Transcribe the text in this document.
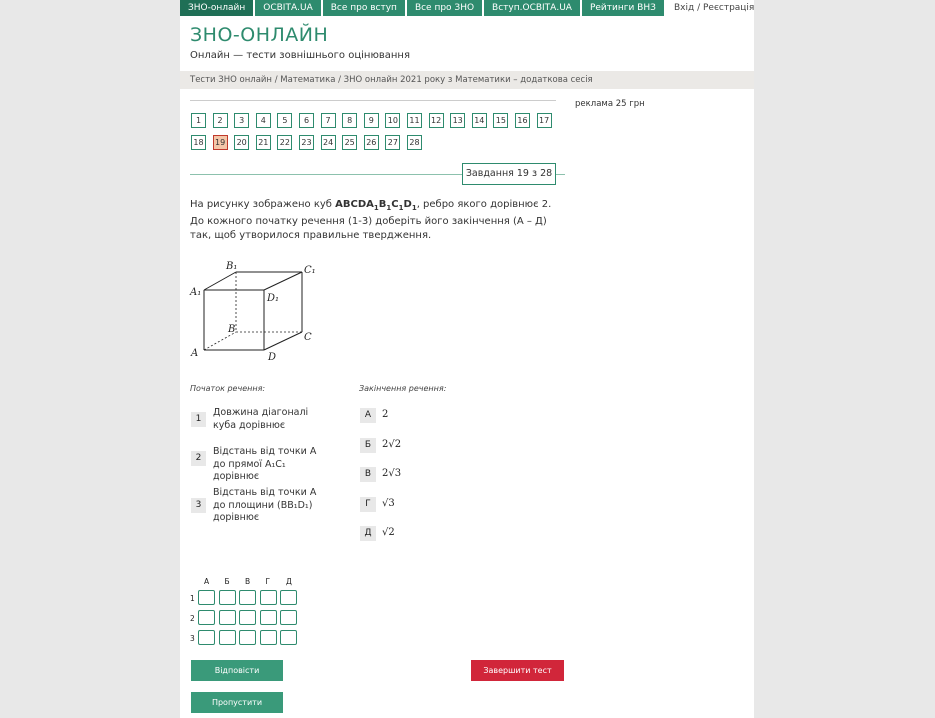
ЗНО-онлайн	ОСВІТА.UA	Все про вступ	Все про ЗНО	Вступ.ОСВІТА.UA	Рейтинги ВНЗ	Вхід / Реєстрація
ЗНО-ОНЛАЙН
Онлайн — тести зовнішнього оцінювання
Тести ЗНО онлайн / Математика / ЗНО онлайн 2021 року з Математики – додаткова сесія
реклама 25 грн
1	2	3	4	5	6	7	8	9	10	11	12	13	14	15	16	17
18	19	20	21	22	23	24	25	26	27	28
Завдання 19 з 28
На рисунку зображено куб $ABCDA_1B_1C_1D_1$, ребро якого дорівнює 2. До кожного початку речення (1-3) доберіть його закінчення (А – Д) так, щоб утворилося правильне твердження.
A
B
C
D
A₁
B₁	C₁
D₁
Початок речення:	Закінчення речення:
1
Довжина діагоналі куба дорівнює
2
Відстань від точки A до прямої A₁C₁ дорівнює
3
Відстань від точки A до площини (BB₁D₁) дорівнює
А	2
Б	2√2
В	2√3
Г	√3
Д	√2
А Б В Г Д
1
2
3
Відповісти	Завершити тест
Пропустити
